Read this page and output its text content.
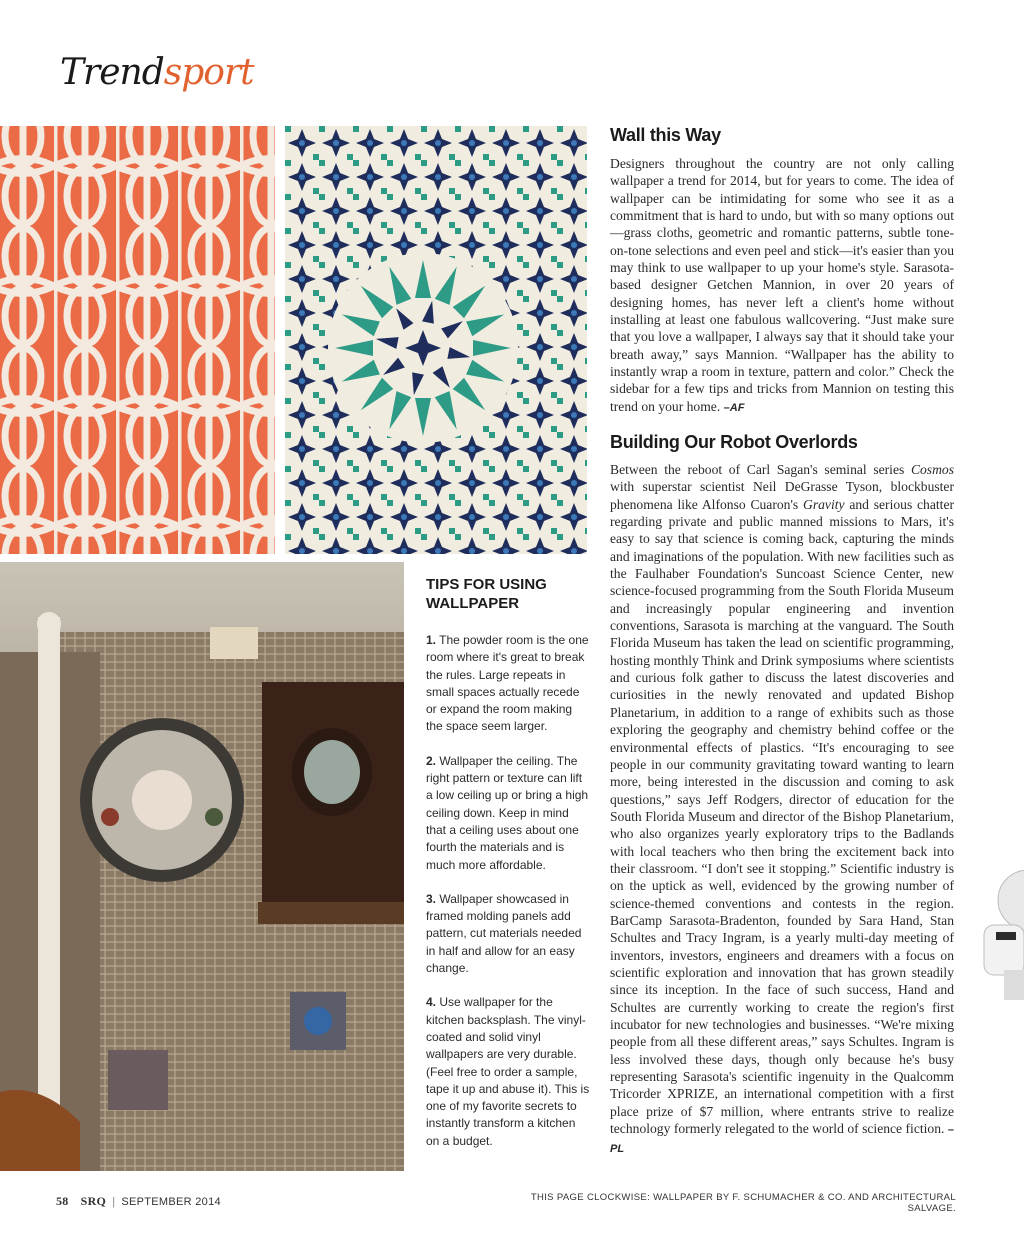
Trendsport
Wall this Way
Designers throughout the country are not only calling wallpaper a trend for 2014, but for years to come. The idea of wallpaper can be intimidating for some who see it as a commitment that is hard to undo, but with so many options out—grass cloths, geometric and romantic patterns, subtle tone-on-tone selections and even peel and stick—it's easier than you may think to use wallpaper to up your home's style. Sarasota-based designer Getchen Mannion, in over 20 years of designing homes, has never left a client's home without installing at least one fabulous wallcovering. “Just make sure that you love a wallpaper, I always say that it should take your breath away,” says Mannion. “Wallpaper has the ability to instantly wrap a room in texture, pattern and color.” Check the sidebar for a few tips and tricks from Mannion on testing this trend on your home. –AF
Building Our Robot Overlords
Between the reboot of Carl Sagan's seminal series Cosmos with superstar scientist Neil DeGrasse Tyson, blockbuster phenomena like Alfonso Cuaron's Gravity and serious chatter regarding private and public manned missions to Mars, it's easy to say that science is coming back, capturing the minds and imaginations of the population. With new facilities such as the Faulhaber Foundation's Suncoast Science Center, new science-focused programming from the South Florida Museum and increasingly popular engineering and invention conventions, Sarasota is marching at the vanguard. The South Florida Museum has taken the lead on scientific programming, hosting monthly Think and Drink symposiums where scientists and curious folk gather to discuss the latest discoveries and curiosities in the newly renovated and updated Bishop Planetarium, in addition to a range of exhibits such as those exploring the geography and chemistry behind coffee or the environmental effects of plastics. “It's encouraging to see people in our community gravitating toward wanting to learn more, being interested in the discussion and coming to ask questions,” says Jeff Rodgers, director of education for the South Florida Museum and director of the Bishop Planetarium, who also organizes yearly exploratory trips to the Badlands with local teachers who then bring the excitement back into their classroom. “I don't see it stopping.” Scientific industry is on the uptick as well, evidenced by the growing number of science-themed conventions and contests in the region. BarCamp Sarasota-Bradenton, founded by Sara Hand, Stan Schultes and Tracy Ingram, is a yearly multi-day meeting of inventors, investors, engineers and dreamers with a focus on scientific exploration and innovation that has grown steadily since its inception. In the face of such success, Hand and Schultes are currently working to create the region's first incubator for new technologies and businesses. “We're mixing people from all these different areas,” says Schultes. Ingram is less involved these days, though only because he's busy representing Sarasota's scientific ingenuity in the Qualcomm Tricorder XPRIZE, an international competition with a first place prize of $7 million, where entrants strive to realize technology formerly relegated to the world of science fiction. –PL
TIPS FOR USING WALLPAPER
1. The powder room is the one room where it's great to break the rules. Large repeats in small spaces actually recede or expand the room making the space seem larger.
2. Wallpaper the ceiling. The right pattern or texture can lift a low ceiling up or bring a high ceiling down. Keep in mind that a ceiling uses about one fourth the materials and is much more affordable.
3. Wallpaper showcased in framed molding panels add pattern, cut materials needed in half and allow for an easy change.
4. Use wallpaper for the kitchen backsplash. The vinyl-coated and solid vinyl wallpapers are very durable. (Feel free to order a sample, tape it up and abuse it). This is one of my favorite secrets to instantly transform a kitchen on a budget.
58 SRQ | SEPTEMBER 2014	THIS PAGE CLOCKWISE: WALLPAPER BY F. SCHUMACHER & CO. AND ARCHITECTURAL SALVAGE.
